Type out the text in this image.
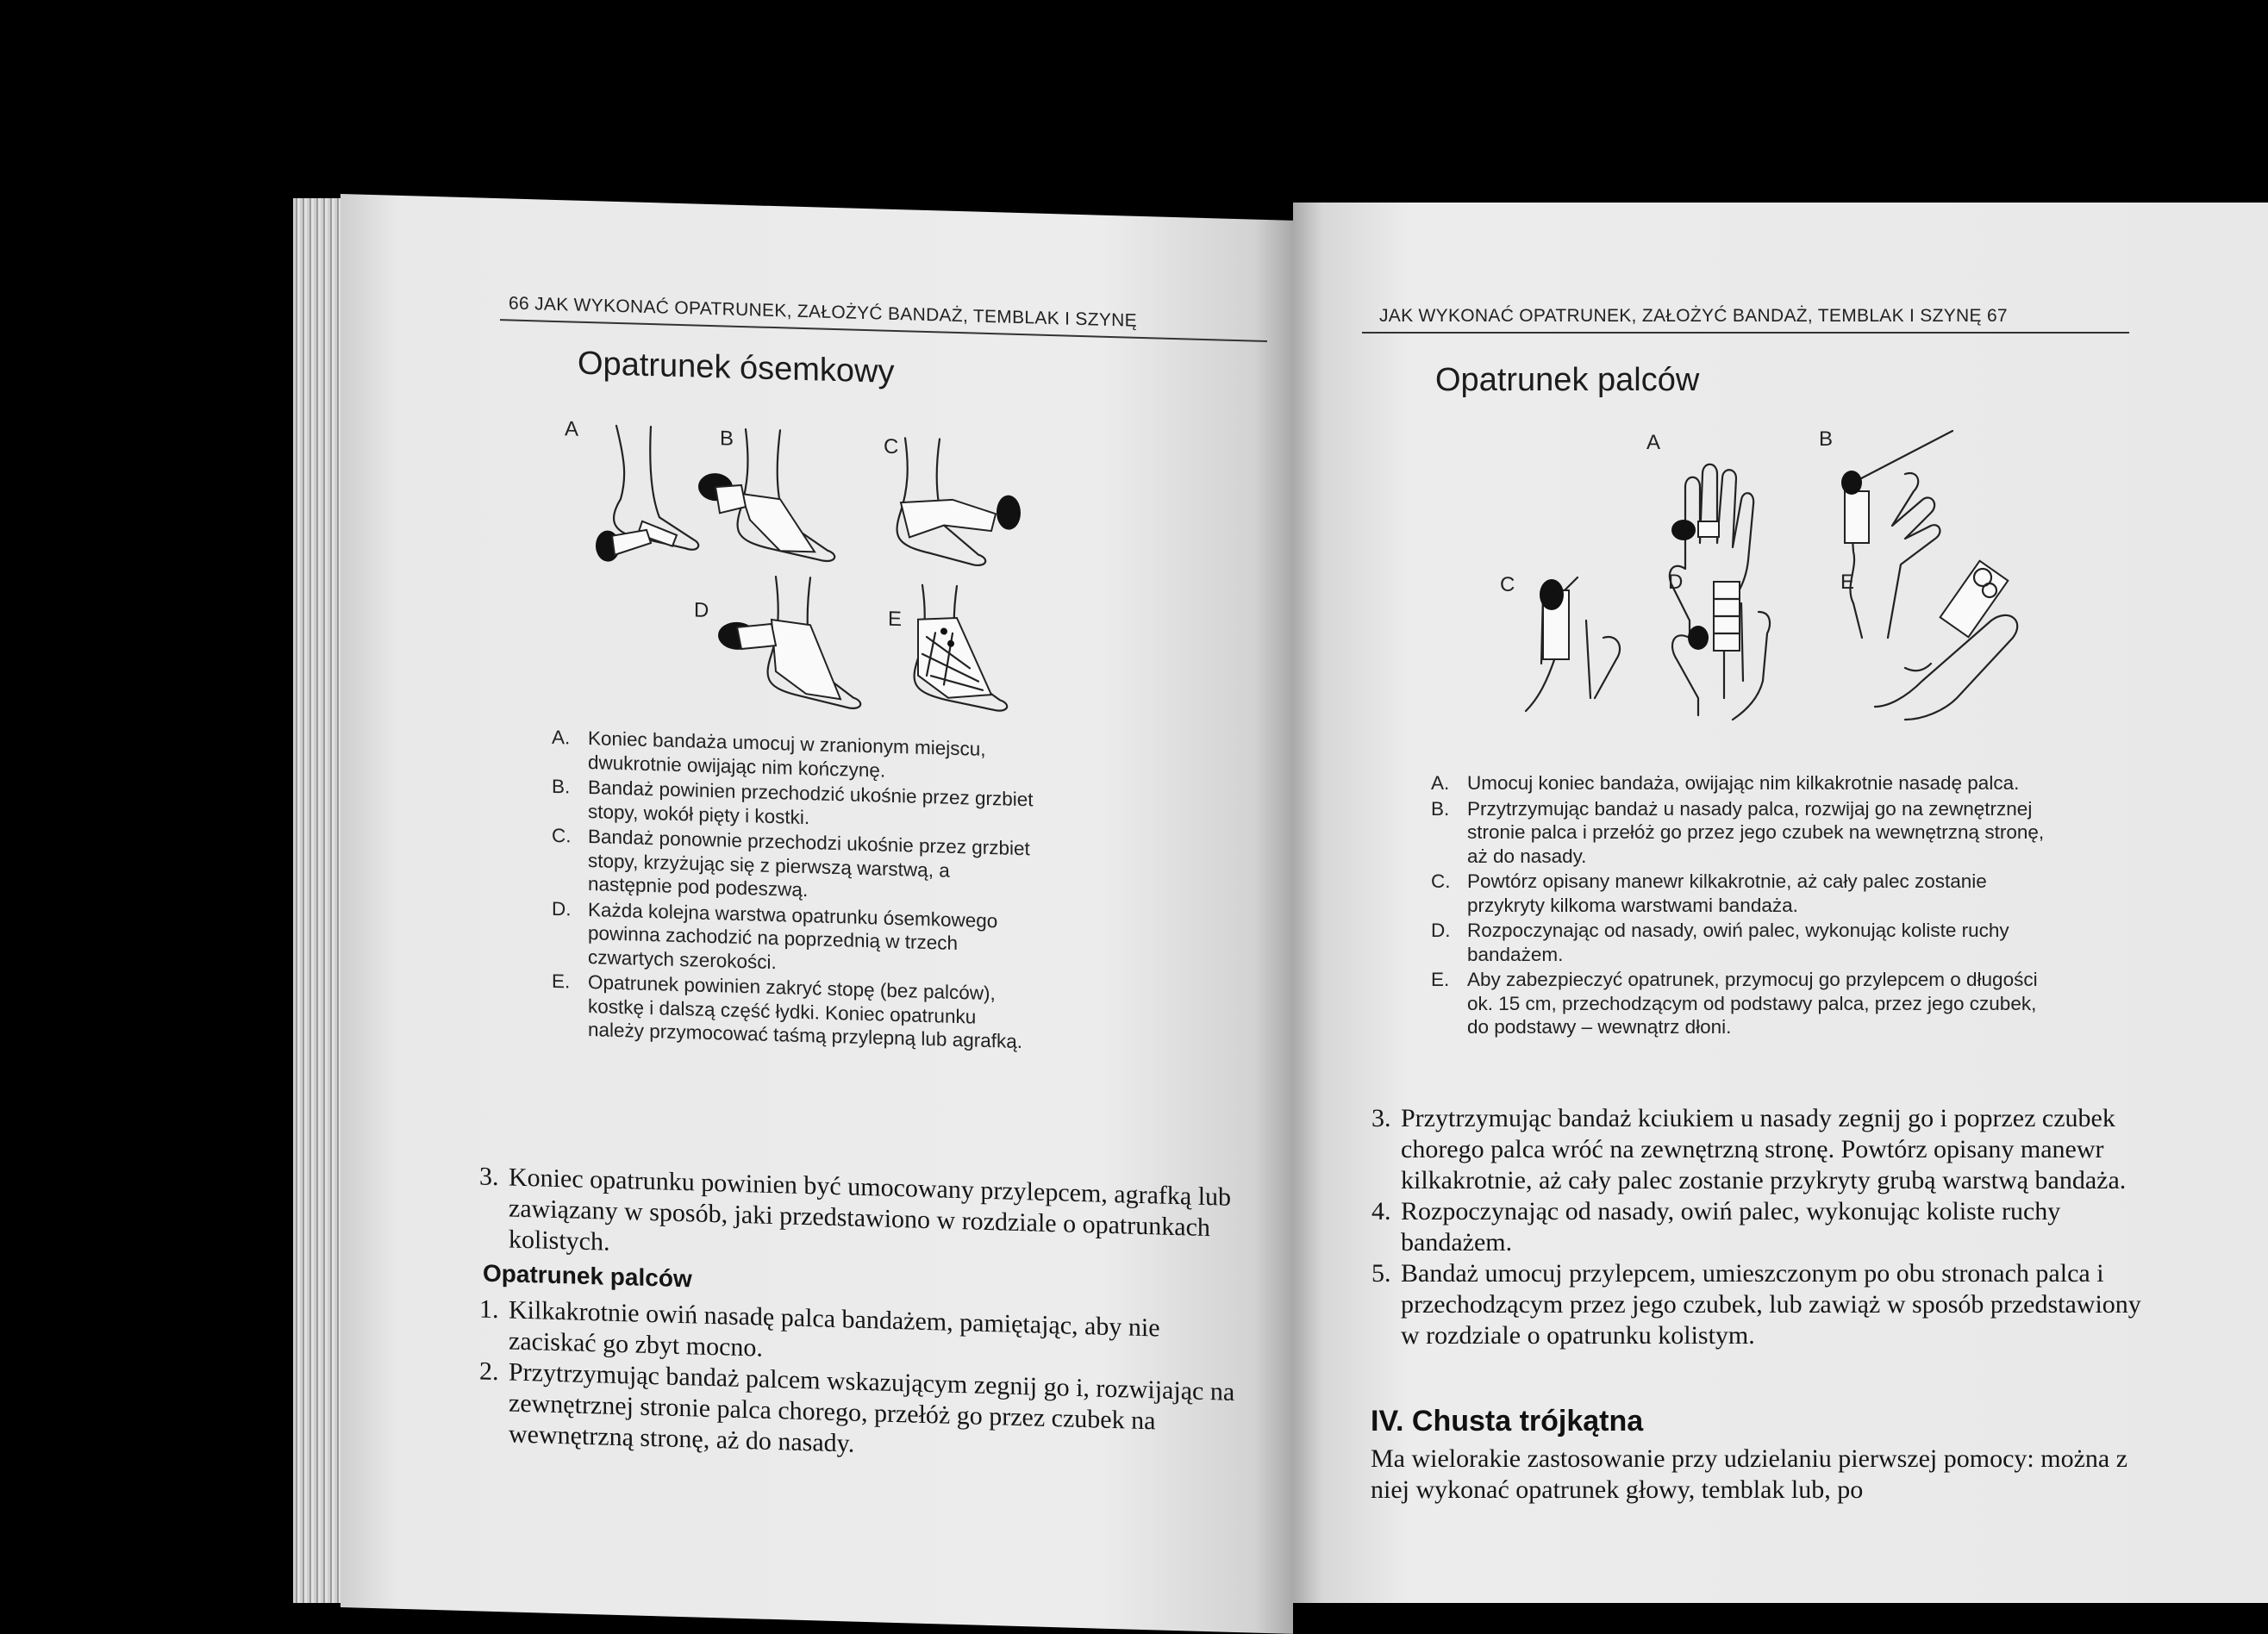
66 JAK WYKONAĆ OPATRUNEK, ZAŁOŻYĆ BANDAŻ, TEMBLAK I SZYNĘ
Opatrunek ósemkowy
A	B	C
D	E
A. Koniec bandaża umocuj w zranionym miejscu, dwukrotnie owijając nim kończynę.
B. Bandaż powinien przechodzić ukośnie przez grzbiet stopy, wokół pięty i kostki.
C. Bandaż ponownie przechodzi ukośnie przez grzbiet stopy, krzyżując się z pierwszą warstwą, a następnie pod podeszwą.
D. Każda kolejna warstwa opatrunku ósemkowego powinna zachodzić na poprzednią w trzech czwartych szerokości.
E. Opatrunek powinien zakryć stopę (bez palców), kostkę i dalszą część łydki. Koniec opatrunku należy przymocować taśmą przylepną lub agrafką.
3. Koniec opatrunku powinien być umocowany przylepcem, agrafką lub zawiązany w sposób, jaki przedstawiono w rozdziale o opatrunkach kolistych.
Opatrunek palców
1. Kilkakrotnie owiń nasadę palca bandażem, pamiętając, aby nie zaciskać go zbyt mocno.
2. Przytrzymując bandaż palcem wskazującym zegnij go i, rozwijając na zewnętrznej stronie palca chorego, przełóż go przez czubek na wewnętrzną stronę, aż do nasady.
JAK WYKONAĆ OPATRUNEK, ZAŁOŻYĆ BANDAŻ, TEMBLAK I SZYNĘ 67
Opatrunek palców
A	B
C	D	E
A. Umocuj koniec bandaża, owijając nim kilkakrotnie nasadę palca.
B. Przytrzymując bandaż u nasady palca, rozwijaj go na zewnętrznej stronie palca i przełóż go przez jego czubek na wewnętrzną stronę, aż do nasady.
C. Powtórz opisany manewr kilkakrotnie, aż cały palec zostanie przykryty kilkoma warstwami bandaża.
D. Rozpoczynając od nasady, owiń palec, wykonując koliste ruchy bandażem.
E. Aby zabezpieczyć opatrunek, przymocuj go przylepcem o długości ok. 15 cm, przechodzącym od podstawy palca, przez jego czubek, do podstawy – wewnątrz dłoni.
3. Przytrzymując bandaż kciukiem u nasady zegnij go i poprzez czubek chorego palca wróć na zewnętrzną stronę. Powtórz opisany manewr kilkakrotnie, aż cały palec zostanie przykryty grubą warstwą bandaża.
4. Rozpoczynając od nasady, owiń palec, wykonując koliste ruchy bandażem.
5. Bandaż umocuj przylepcem, umieszczonym po obu stronach palca i przechodzącym przez jego czubek, lub zawiąż w sposób przedstawiony w rozdziale o opatrunku kolistym.
IV. Chusta trójkątna
Ma wielorakie zastosowanie przy udzielaniu pierwszej pomocy: można z niej wykonać opatrunek głowy, temblak lub, po
